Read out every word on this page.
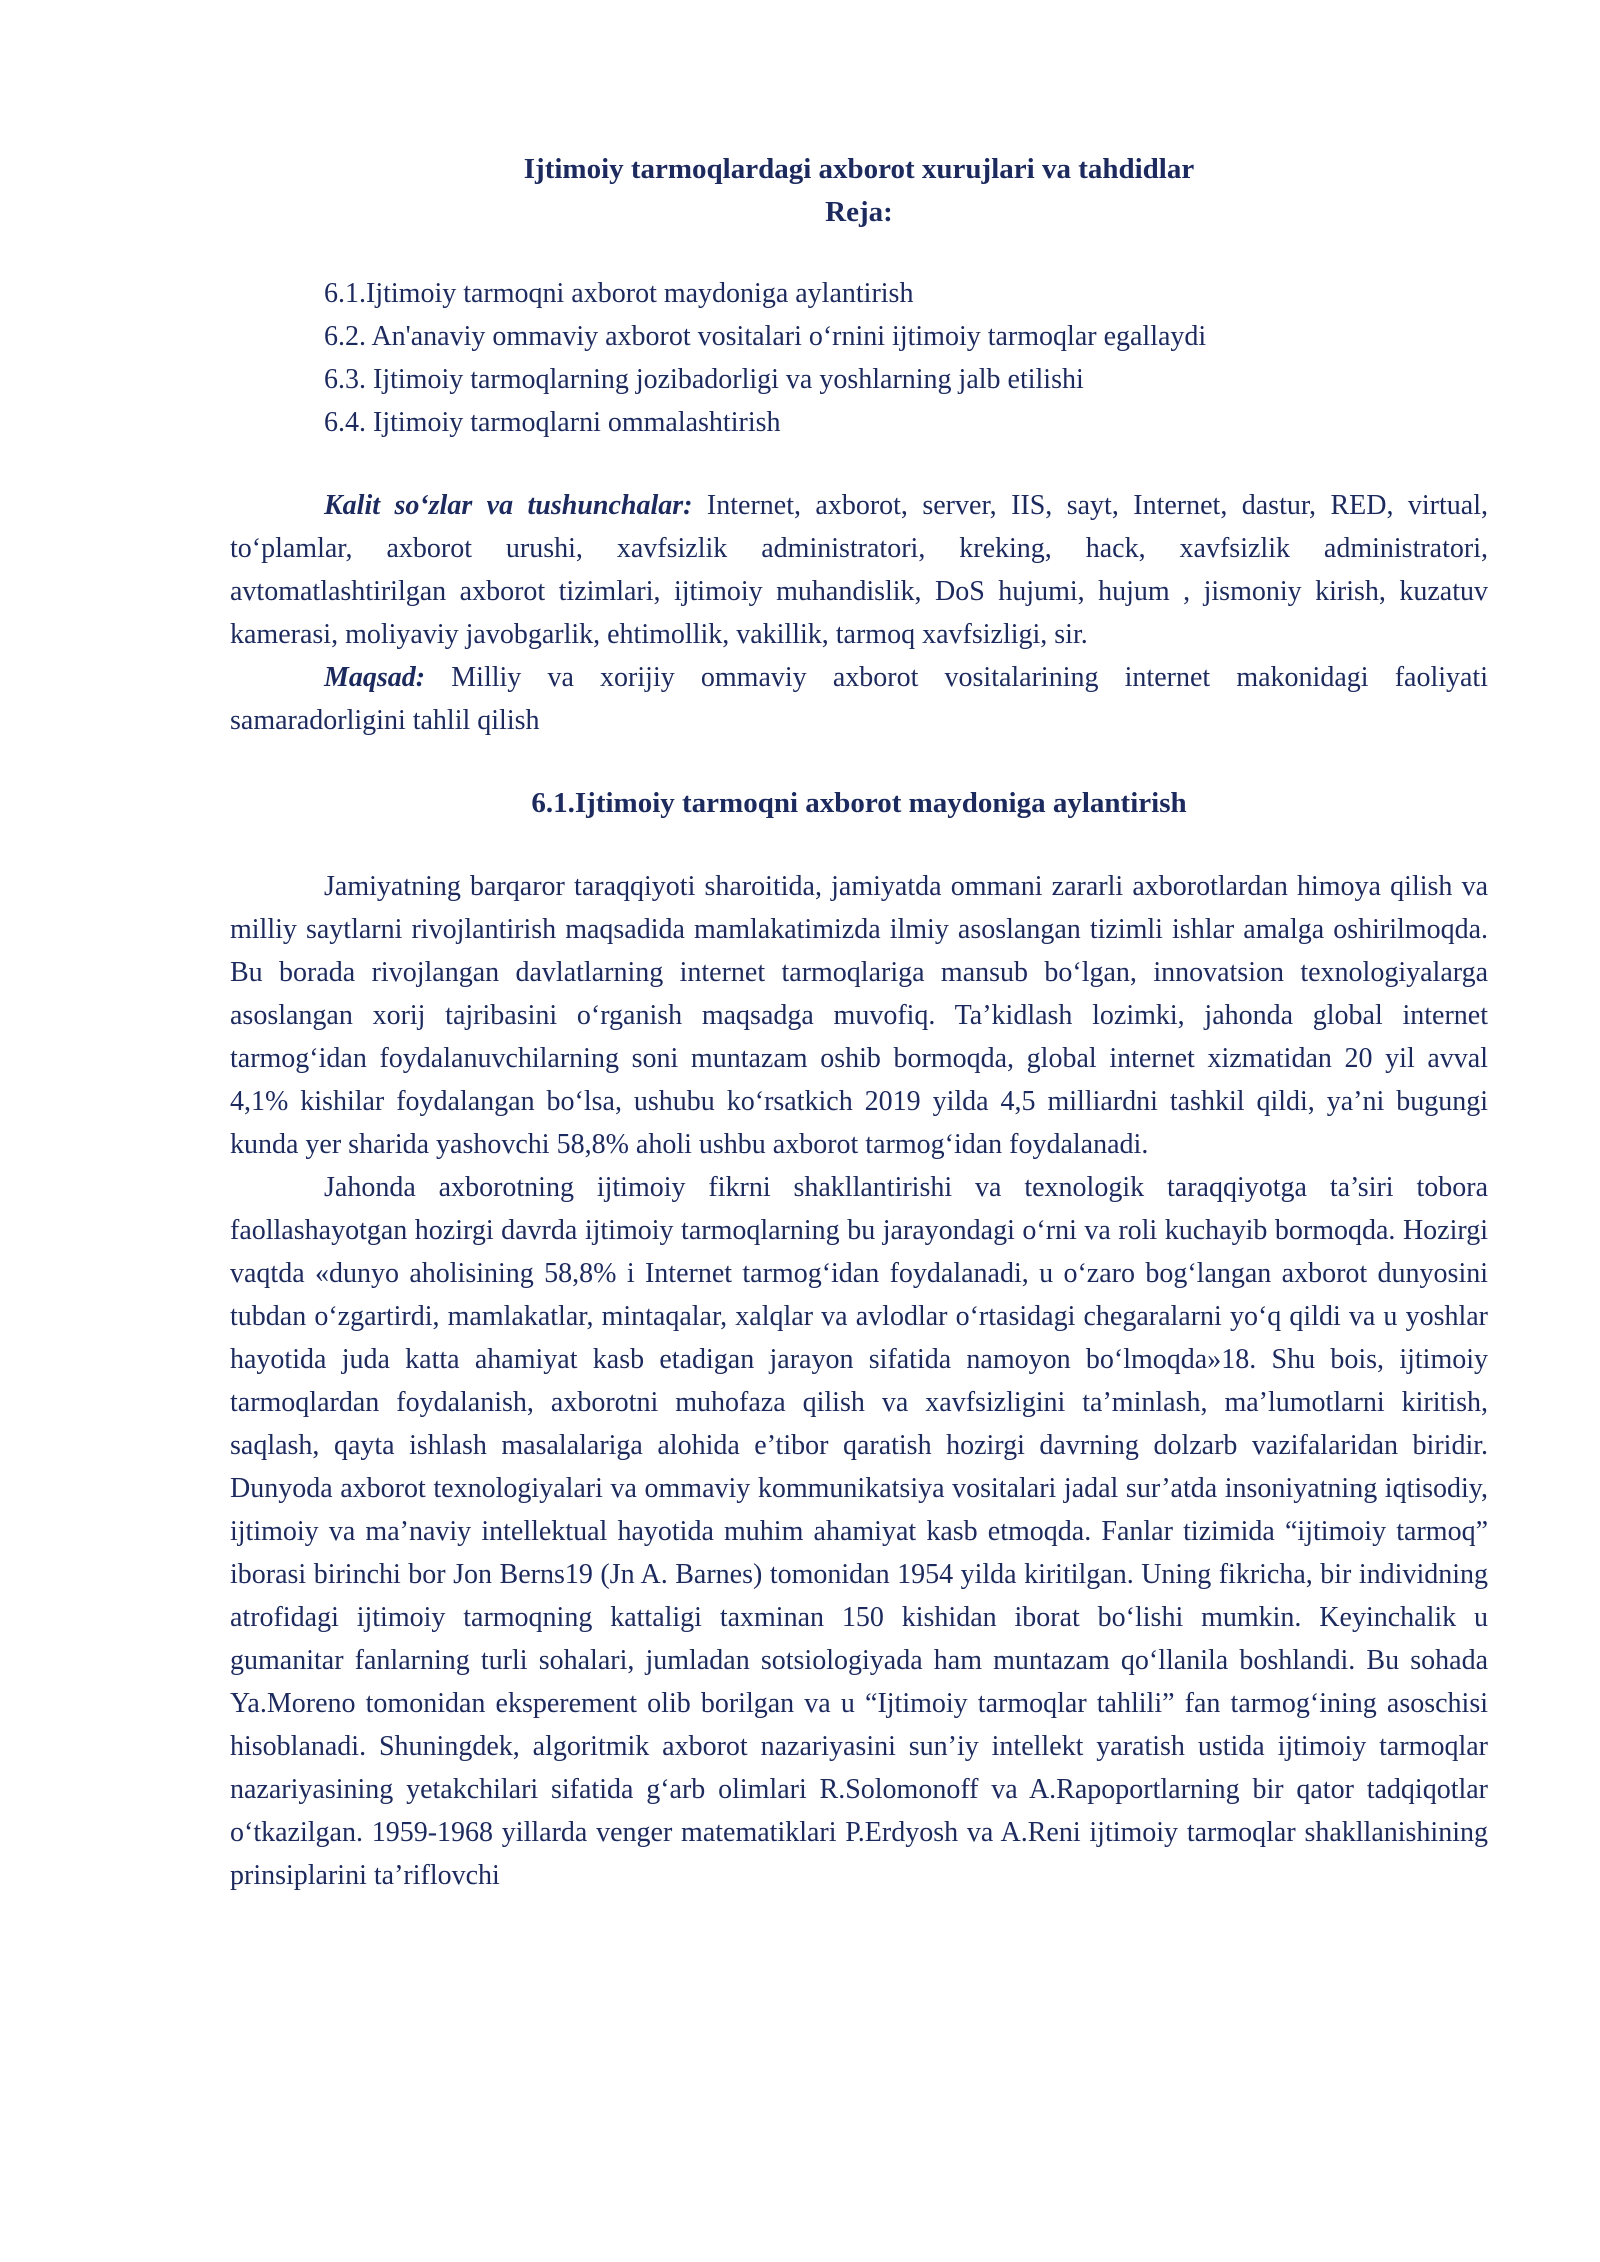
Ijtimoiy tarmoqlardagi axborot xurujlari va tahdidlar
Reja:
6.1.Ijtimoiy tarmoqni axborot maydoniga aylantirish
6.2. An'anaviy ommaviy axborot vositalari o‘rnini ijtimoiy tarmoqlar egallaydi
6.3. Ijtimoiy tarmoqlarning jozibadorligi va yoshlarning jalb etilishi
6.4. Ijtimoiy tarmoqlarni ommalashtirish

Kalit so‘zlar va tushunchalar: Internet, axborot, server, IIS, sayt, Internet, dastur, RED, virtual, to‘plamlar, axborot urushi, xavfsizlik administratori, kreking, hack, xavfsizlik administratori, avtomatlashtirilgan axborot tizimlari, ijtimoiy muhandislik, DoS hujumi, hujum , jismoniy kirish, kuzatuv kamerasi, moliyaviy javobgarlik, ehtimollik, vakillik, tarmoq xavfsizligi, sir.

Maqsad: Milliy va xorijiy ommaviy axborot vositalarining internet makonidagi faoliyati samaradorligini tahlil qilish

6.1.Ijtimoiy tarmoqni axborot maydoniga aylantirish

Jamiyatning barqaror taraqqiyoti sharoitida, jamiyatda ommani zararli axborotlardan himoya qilish va milliy saytlarni rivojlantirish maqsadida mamlakatimizda ilmiy asoslangan tizimli ishlar amalga oshirilmoqda. Bu borada rivojlangan davlatlarning internet tarmoqlariga mansub bo‘lgan, innovatsion texnologiyalarga asoslangan xorij tajribasini o‘rganish maqsadga muvofiq. Ta’kidlash lozimki, jahonda global internet tarmog‘idan foydalanuvchilarning soni muntazam oshib bormoqda, global internet xizmatidan 20 yil avval 4,1% kishilar foydalangan bo‘lsa, ushubu ko‘rsatkich 2019 yilda 4,5 milliardni tashkil qildi, ya’ni bugungi kunda yer sharida yashovchi 58,8% aholi ushbu axborot tarmog‘idan foydalanadi.

Jahonda axborotning ijtimoiy fikrni shakllantirishi va texnologik taraqqiyotga ta’siri tobora faollashayotgan hozirgi davrda ijtimoiy tarmoqlarning bu jarayondagi o‘rni va roli kuchayib bormoqda. Hozirgi vaqtda «dunyo aholisining 58,8% i Internet tarmog‘idan foydalanadi, u o‘zaro bog‘langan axborot dunyosini tubdan o‘zgartirdi, mamlakatlar, mintaqalar, xalqlar va avlodlar o‘rtasidagi chegaralarni yo‘q qildi va u yoshlar hayotida juda katta ahamiyat kasb etadigan jarayon sifatida namoyon bo‘lmoqda»18. Shu bois, ijtimoiy tarmoqlardan foydalanish, axborotni muhofaza qilish va xavfsizligini ta’minlash, ma’lumotlarni kiritish, saqlash, qayta ishlash masalalariga alohida e’tibor qaratish hozirgi davrning dolzarb vazifalaridan biridir. Dunyoda axborot texnologiyalari va ommaviy kommunikatsiya vositalari jadal sur’atda insoniyatning iqtisodiy, ijtimoiy va ma’naviy intellektual hayotida muhim ahamiyat kasb etmoqda. Fanlar tizimida “ijtimoiy tarmoq” iborasi birinchi bor Jon Berns19 (Jn A. Barnes) tomonidan 1954 yilda kiritilgan. Uning fikricha, bir individning atrofidagi ijtimoiy tarmoqning kattaligi taxminan 150 kishidan iborat bo‘lishi mumkin. Keyinchalik u gumanitar fanlarning turli sohalari, jumladan sotsiologiyada ham muntazam qo‘llanila boshlandi. Bu sohada Ya.Moreno tomonidan eksperement olib borilgan va u “Ijtimoiy tarmoqlar tahlili” fan tarmog‘ining asoschisi hisoblanadi. Shuningdek, algoritmik axborot nazariyasini sun’iy intellekt yaratish ustida ijtimoiy tarmoqlar nazariyasining yetakchilari sifatida g‘arb olimlari R.Solomonoff va A.Rapoportlarning bir qator tadqiqotlar o‘tkazilgan. 1959-1968 yillarda venger matematiklari P.Erdyosh va A.Reni ijtimoiy tarmoqlar shakllanishining prinsiplarini ta’riflovchi
